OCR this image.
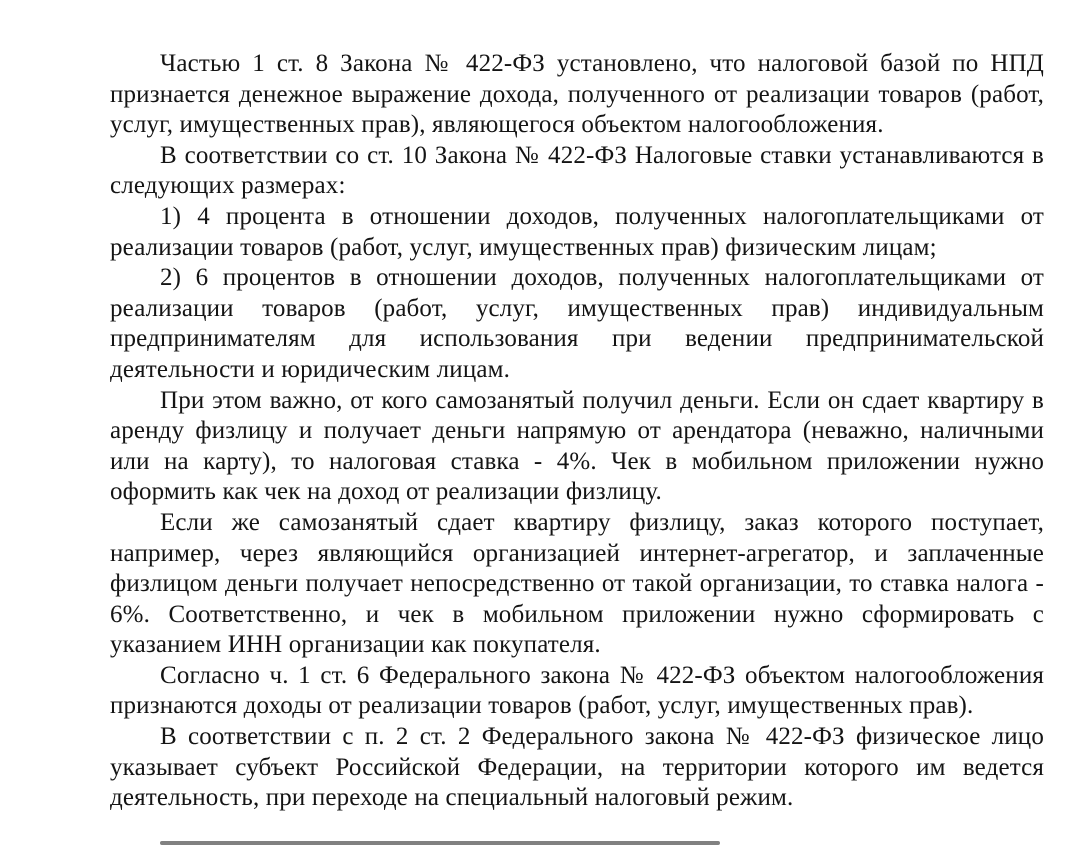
Частью 1 ст. 8 Закона № 422-ФЗ установлено, что налоговой базой по НПД признается денежное выражение дохода, полученного от реализации товаров (работ, услуг, имущественных прав), являющегося объектом налогообложения.

В соответствии со ст. 10 Закона № 422-ФЗ Налоговые ставки устанавливаются в следующих размерах:

1) 4 процента в отношении доходов, полученных налогоплательщиками от реализации товаров (работ, услуг, имущественных прав) физическим лицам;

2) 6 процентов в отношении доходов, полученных налогоплательщиками от реализации товаров (работ, услуг, имущественных прав) индивидуальным предпринимателям для использования при ведении предпринимательской деятельности и юридическим лицам.

При этом важно, от кого самозанятый получил деньги. Если он сдает квартиру в аренду физлицу и получает деньги напрямую от арендатора (неважно, наличными или на карту), то налоговая ставка - 4%. Чек в мобильном приложении нужно оформить как чек на доход от реализации физлицу.

Если же самозанятый сдает квартиру физлицу, заказ которого поступает, например, через являющийся организацией интернет-агрегатор, и заплаченные физлицом деньги получает непосредственно от такой организации, то ставка налога - 6%. Соответственно, и чек в мобильном приложении нужно сформировать с указанием ИНН организации как покупателя.

Согласно ч. 1 ст. 6 Федерального закона № 422-ФЗ объектом налогообложения признаются доходы от реализации товаров (работ, услуг, имущественных прав).

В соответствии с п. 2 ст. 2 Федерального закона № 422-ФЗ физическое лицо указывает субъект Российской Федерации, на территории которого им ведется деятельность, при переходе на специальный налоговый режим.
